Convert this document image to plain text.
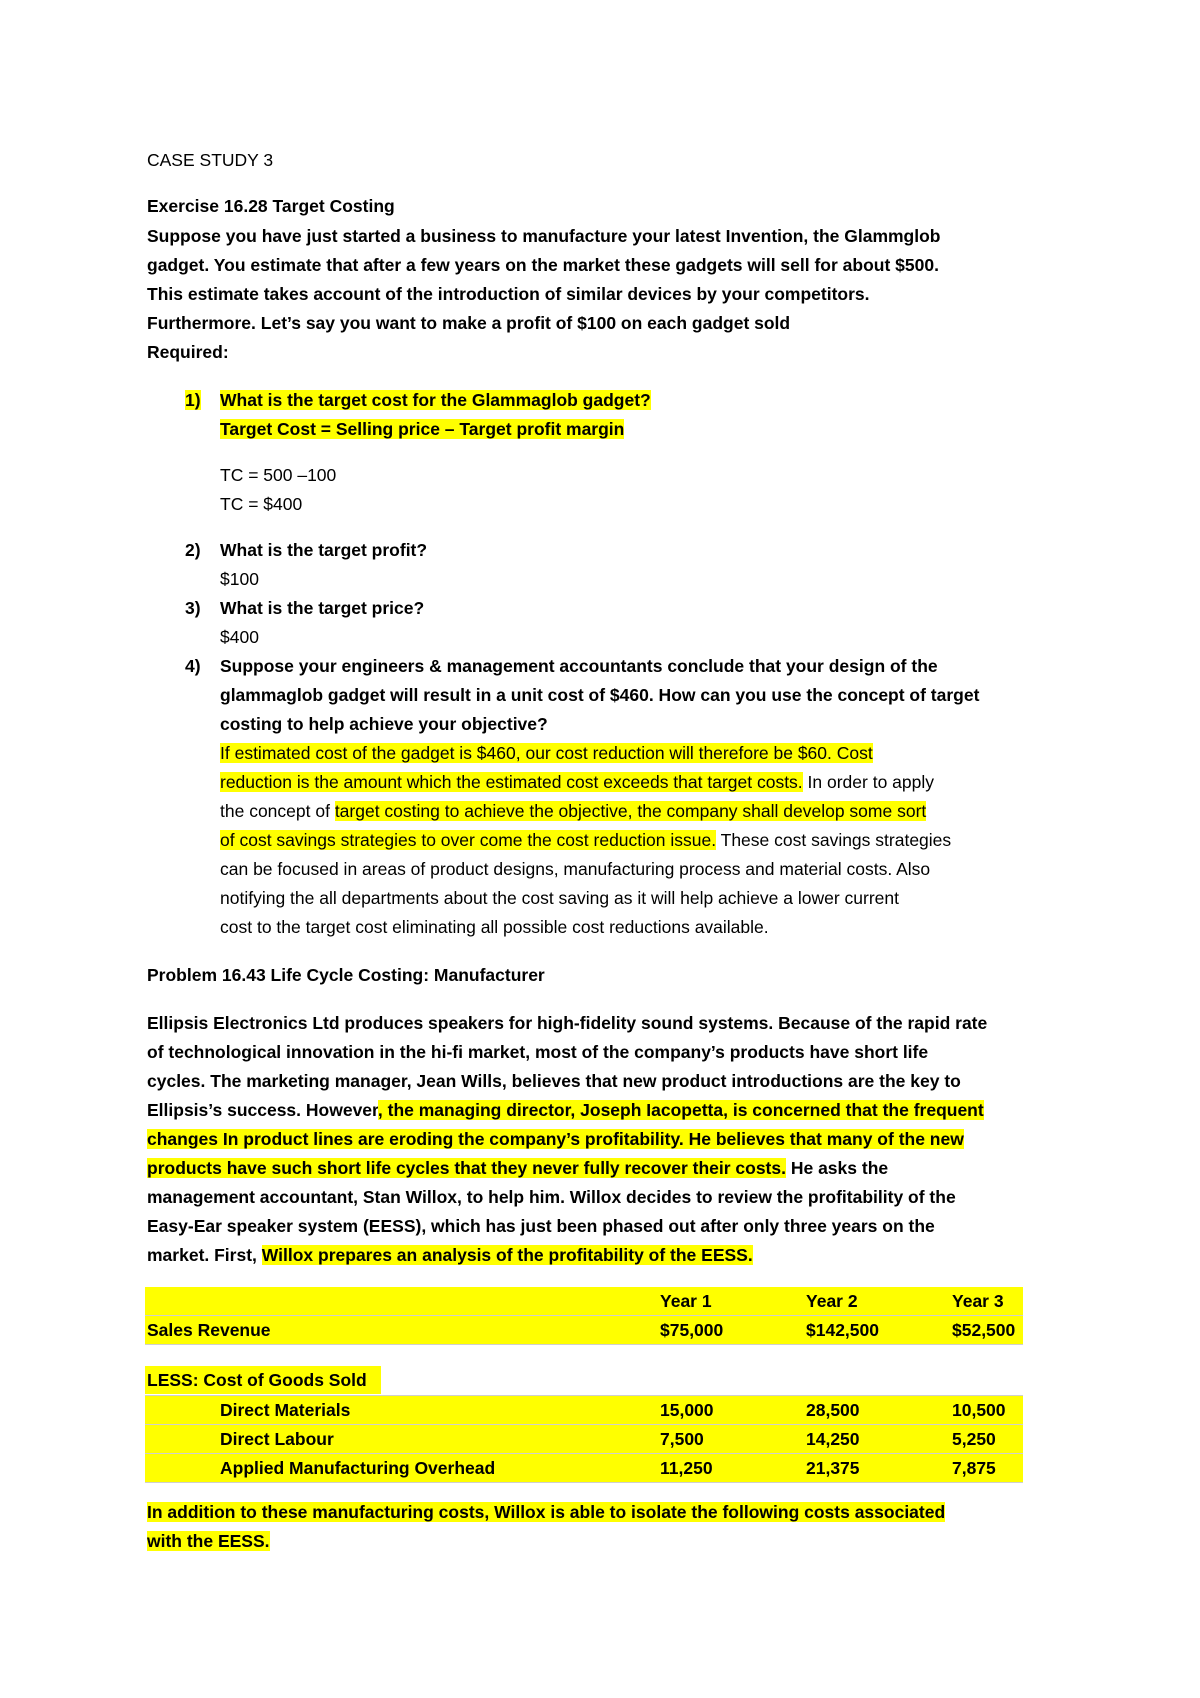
CASE STUDY 3
Exercise 16.28 Target Costing
Suppose you have just started a business to manufacture your latest Invention, the Glammglob
gadget. You estimate that after a few years on the market these gadgets will sell for about $500.
This estimate takes account of the introduction of similar devices by your competitors.
Furthermore. Let’s say you want to make a profit of $100 on each gadget sold
Required:
1) What is the target cost for the Glammaglob gadget?
Target Cost = Selling price – Target profit margin
TC = 500 –100
TC = $400
2) What is the target profit?
$100
3) What is the target price?
$400
4) Suppose your engineers & management accountants conclude that your design of the
glammaglob gadget will result in a unit cost of $460. How can you use the concept of target
costing to help achieve your objective?
If estimated cost of the gadget is $460, our cost reduction will therefore be $60. Cost
reduction is the amount which the estimated cost exceeds that target costs. In order to apply
the concept of target costing to achieve the objective, the company shall develop some sort
of cost savings strategies to over come the cost reduction issue. These cost savings strategies
can be focused in areas of product designs, manufacturing process and material costs. Also
notifying the all departments about the cost saving as it will help achieve a lower current
cost to the target cost eliminating all possible cost reductions available.
Problem 16.43 Life Cycle Costing: Manufacturer
Ellipsis Electronics Ltd produces speakers for high-fidelity sound systems. Because of the rapid rate
of technological innovation in the hi-fi market, most of the company’s products have short life
cycles. The marketing manager, Jean Wills, believes that new product introductions are the key to
Ellipsis’s success. However, the managing director, Joseph Iacopetta, is concerned that the frequent
changes In product lines are eroding the company’s profitability. He believes that many of the new
products have such short life cycles that they never fully recover their costs. He asks the
management accountant, Stan Willox, to help him. Willox decides to review the profitability of the
Easy-Ear speaker system (EESS), which has just been phased out after only three years on the
market. First, Willox prepares an analysis of the profitability of the EESS.
Year 1	Year 2	Year 3
Sales Revenue	$75,000	$142,500	$52,500
LESS: Cost of Goods Sold
Direct Materials	15,000	28,500	10,500
Direct Labour	7,500	14,250	5,250
Applied Manufacturing Overhead	11,250	21,375	7,875
In addition to these manufacturing costs, Willox is able to isolate the following costs associated
with the EESS.
